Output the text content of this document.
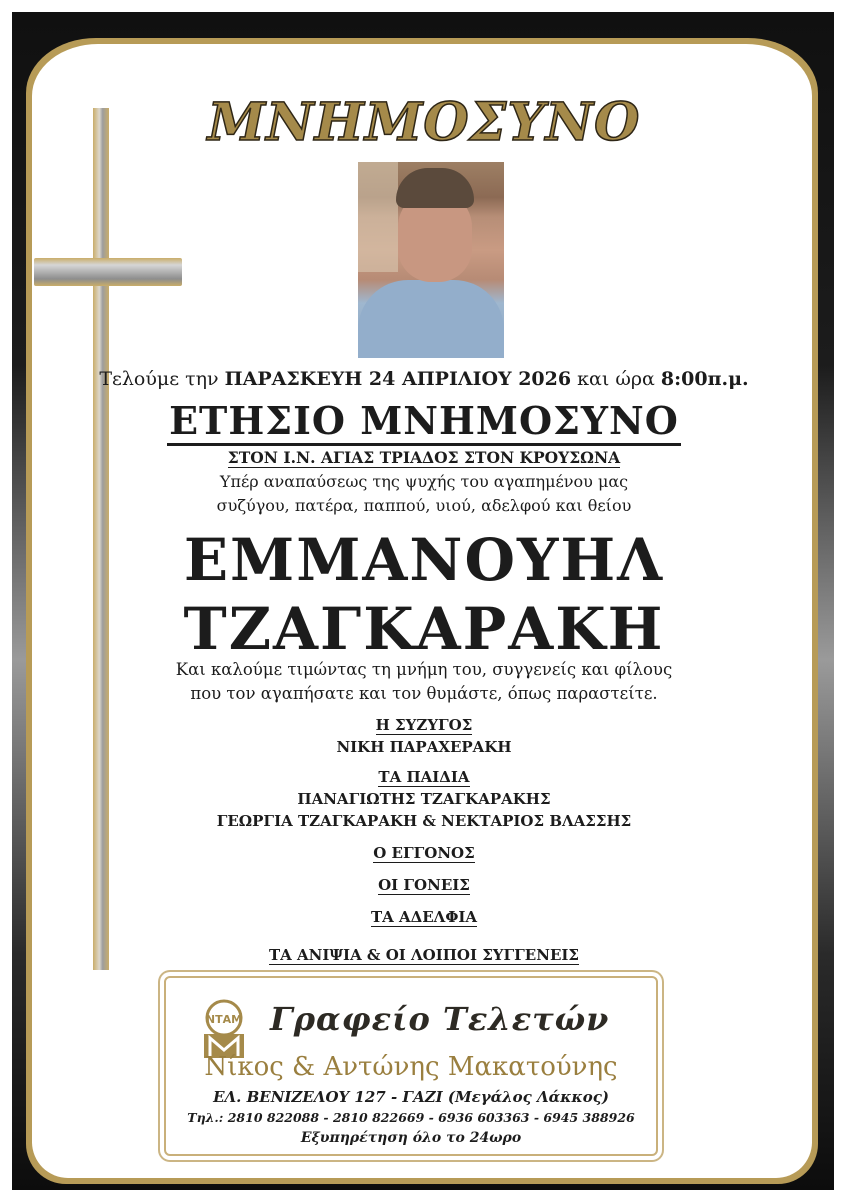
ΜΝΗΜΟΣΥΝΟ
Τελούμε την ΠΑΡΑΣΚΕΥΗ 24 ΑΠΡΙΛΙΟΥ 2026 και ώρα 8:00π.μ.
ΕΤΗΣΙΟ ΜΝΗΜΟΣΥΝΟ
ΣΤΟΝ Ι.Ν. ΑΓΙΑΣ ΤΡΙΑΔΟΣ ΣΤΟΝ ΚΡΟΥΣΩΝΑ
Υπέρ αναπαύσεως της ψυχής του αγαπημένου μας
συζύγου, πατέρα, παππού, υιού, αδελφού και θείου
ΕΜΜΑΝΟΥΗΛ
ΤΖΑΓΚΑΡΑΚΗ
Και καλούμε τιμώντας τη μνήμη του, συγγενείς και φίλους
που τον αγαπήσατε και τον θυμάστε, όπως παραστείτε.
Η ΣΥΖΥΓΟΣ
ΝΙΚΗ ΠΑΡΑΧΕΡΑΚΗ
ΤΑ ΠΑΙΔΙΑ
ΠΑΝΑΓΙΩΤΗΣ ΤΖΑΓΚΑΡΑΚΗΣ
ΓΕΩΡΓΙΑ ΤΖΑΓΚΑΡΑΚΗ & ΝΕΚΤΑΡΙΟΣ ΒΛΑΣΣΗΣ
Ο ΕΓΓΟΝΟΣ
ΟΙ ΓΟΝΕΙΣ
ΤΑ ΑΔΕΛΦΙΑ
ΤΑ ΑΝΙΨΙΑ & ΟΙ ΛΟΙΠΟΙ ΣΥΓΓΕΝΕΙΣ
ΝΤΑΜ Γραφείο Τελετών
Νίκος & Αντώνης Μακατούνης
ΕΛ. ΒΕΝΙΖΕΛΟΥ 127 - ΓΑΖΙ (Μεγάλος Λάκκος)
Τηλ.: 2810 822088 - 2810 822669 - 6936 603363 - 6945 388926
Εξυπηρέτηση όλο το 24ωρο
